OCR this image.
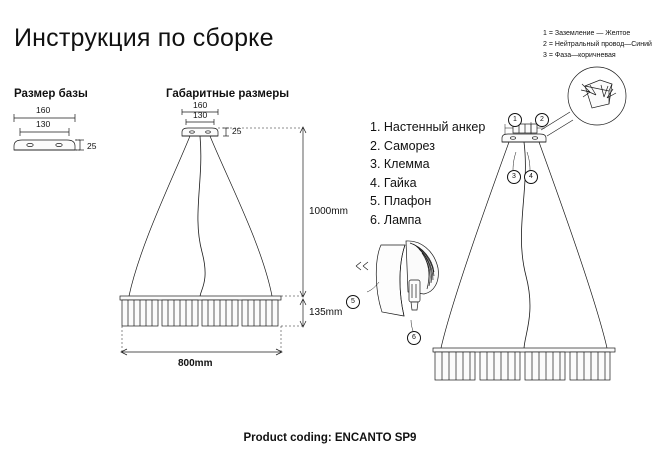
Инструкция по сборке
Размер базы	Габаритные размеры
160
130
25
160
130
25
1000mm
135mm
800mm
1. Настенный анкер
2. Саморез
3. Клемма
4. Гайка
5. Плафон
6. Лампа
1 = Заземление — Желтое
2 = Нейтральный провод—Синий
3 = Фаза—коричневая
1	2
3	4
5
6
Product coding: ENCANTO SP9
